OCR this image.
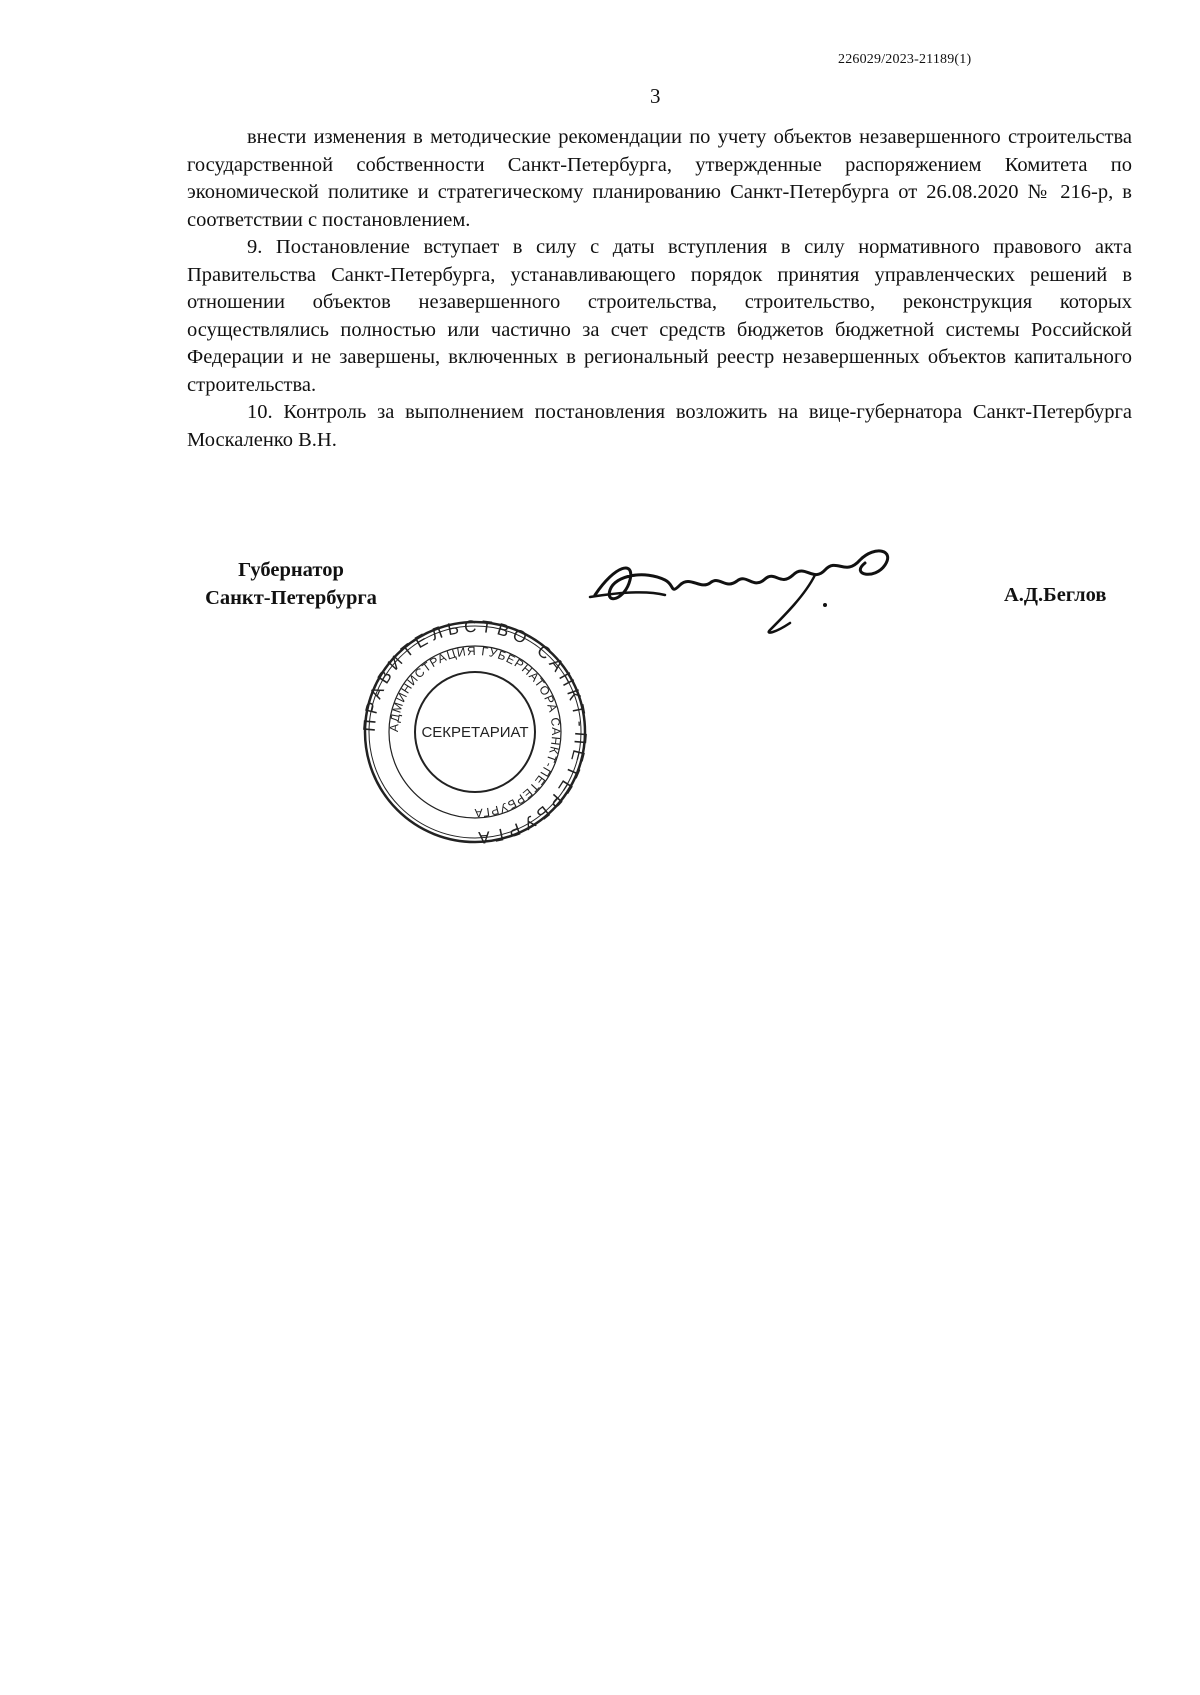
226029/2023-21189(1)
3

внести изменения в методические рекомендации по учету объектов незавершенного строительства государственной собственности Санкт-Петербурга, утвержденные распоряжением Комитета по экономической политике и стратегическому планированию Санкт-Петербурга от 26.08.2020 № 216-р, в соответствии с постановлением.

9. Постановление вступает в силу с даты вступления в силу нормативного правового акта Правительства Санкт-Петербурга, устанавливающего порядок принятия управленческих решений в отношении объектов незавершенного строительства, строительство, реконструкция которых осуществлялись полностью или частично за счет средств бюджетов бюджетной системы Российской Федерации и не завершены, включенных в региональный реестр незавершенных объектов капитального строительства.

10. Контроль за выполнением постановления возложить на вице-губернатора Санкт-Петербурга Москаленко В.Н.

Губернатор
Санкт-Петербурга	А.Д.Беглов
ПРАВИТЕЛЬСТВО САНКТ-ПЕТЕРБУРГА
АДМИНИСТРАЦИЯ ГУБЕРНАТОРА САНКТ-ПЕТЕРБУРГА
СЕКРЕТАРИАТ
